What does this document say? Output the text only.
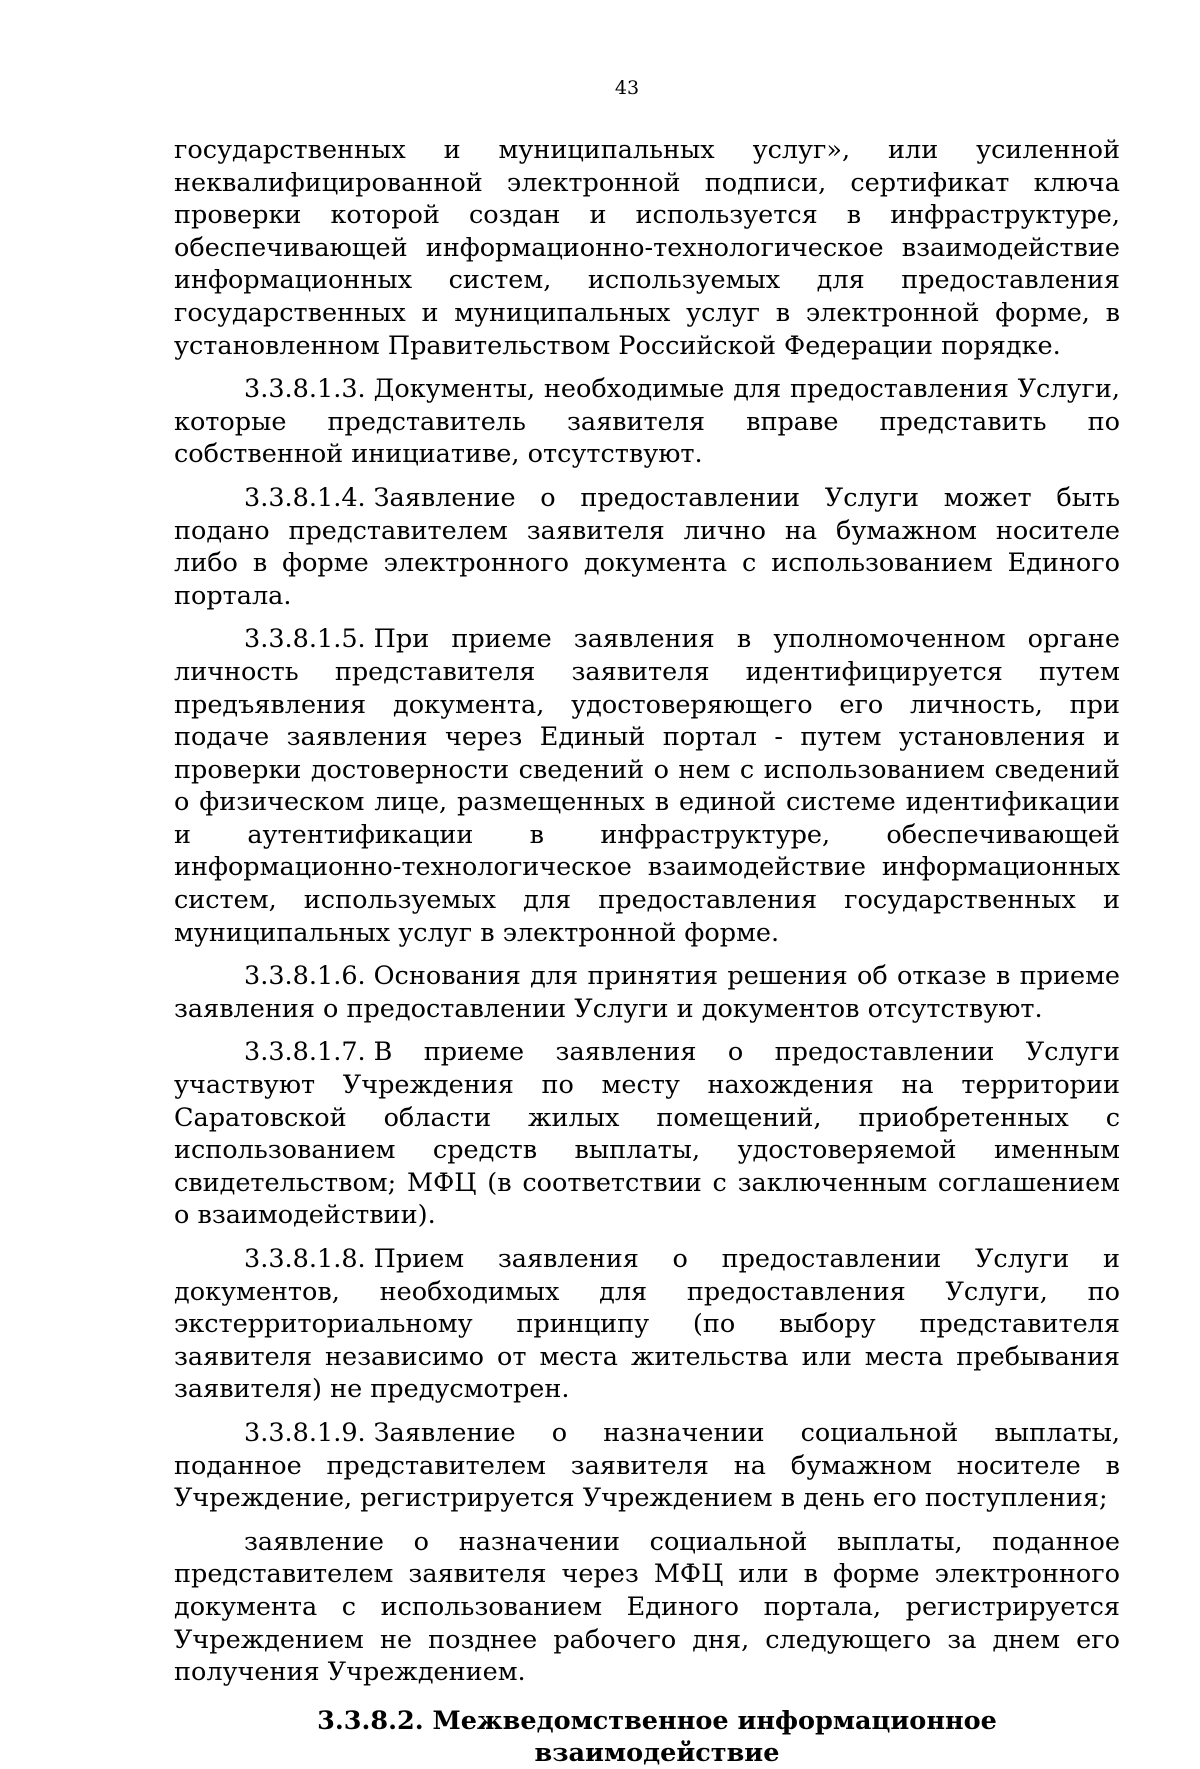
43

государственных и муниципальных услуг», или усиленной неквалифицированной электронной подписи, сертификат ключа проверки которой создан и используется в инфраструктуре, обеспечивающей информационно-технологическое взаимодействие информационных систем, используемых для предоставления государственных и муниципальных услуг в электронной форме, в установленном Правительством Российской Федерации порядке.

3.3.8.1.3. Документы, необходимые для предоставления Услуги, которые представитель заявителя вправе представить по собственной инициативе, отсутствуют.

3.3.8.1.4. Заявление о предоставлении Услуги может быть подано представителем заявителя лично на бумажном носителе либо в форме электронного документа с использованием Единого портала.

3.3.8.1.5. При приеме заявления в уполномоченном органе личность представителя заявителя идентифицируется путем предъявления документа, удостоверяющего его личность, при подаче заявления через Единый портал - путем установления и проверки достоверности сведений о нем с использованием сведений о физическом лице, размещенных в единой системе идентификации и аутентификации в инфраструктуре, обеспечивающей информационно-технологическое взаимодействие информационных систем, используемых для предоставления государственных и муниципальных услуг в электронной форме.

3.3.8.1.6. Основания для принятия решения об отказе в приеме заявления о предоставлении Услуги и документов отсутствуют.

3.3.8.1.7. В приеме заявления о предоставлении Услуги участвуют Учреждения по месту нахождения на территории Саратовской области жилых помещений, приобретенных с использованием средств выплаты, удостоверяемой именным свидетельством; МФЦ (в соответствии с заключенным соглашением о взаимодействии).

3.3.8.1.8. Прием заявления о предоставлении Услуги и документов, необходимых для предоставления Услуги, по экстерриториальному принципу (по выбору представителя заявителя независимо от места жительства или места пребывания заявителя) не предусмотрен.

3.3.8.1.9. Заявление о назначении социальной выплаты, поданное представителем заявителя на бумажном носителе в Учреждение, регистрируется Учреждением в день его поступления;

заявление о назначении социальной выплаты, поданное представителем заявителя через МФЦ или в форме электронного документа с использованием Единого портала, регистрируется Учреждением не позднее рабочего дня, следующего за днем его получения Учреждением.

3.3.8.2. Межведомственное информационное взаимодействие
